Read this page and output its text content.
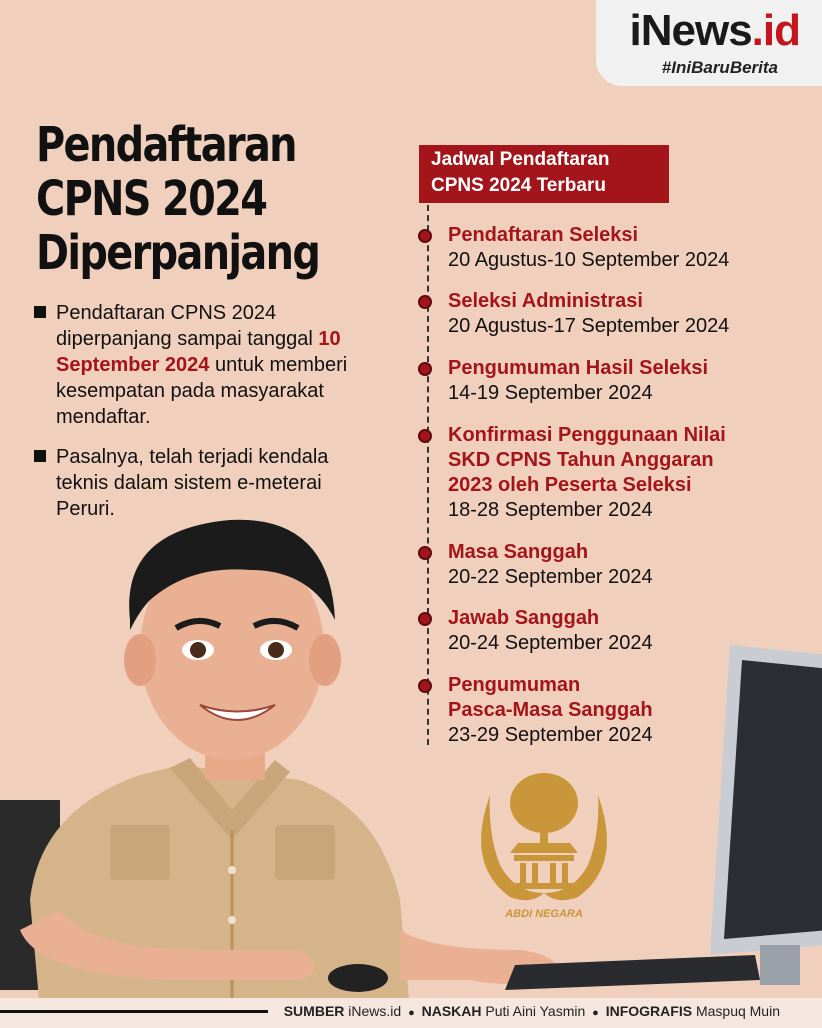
iNews.id
#IniBaruBerita
Pendaftaran
CPNS 2024
Diperpanjang
Pendaftaran CPNS 2024 diperpanjang sampai tanggal 10 September 2024 untuk memberi kesempatan pada masyarakat mendaftar.
Pasalnya, telah terjadi kendala teknis dalam sistem e-meterai Peruri.
Jadwal Pendaftaran
CPNS 2024 Terbaru
Pendaftaran Seleksi
20 Agustus-10 September 2024
Seleksi Administrasi
20 Agustus-17 September 2024
Pengumuman Hasil Seleksi
14-19 September 2024
Konfirmasi Penggunaan Nilai
SKD CPNS Tahun Anggaran
2023 oleh Peserta Seleksi
18-28 September 2024
Masa Sanggah
20-22 September 2024
Jawab Sanggah
20-24 September 2024
Pengumuman
Pasca-Masa Sanggah
23-29 September 2024
ABDI NEGARA
SUMBER iNews.id ● NASKAH Puti Aini Yasmin ● INFOGRAFIS Maspuq Muin
